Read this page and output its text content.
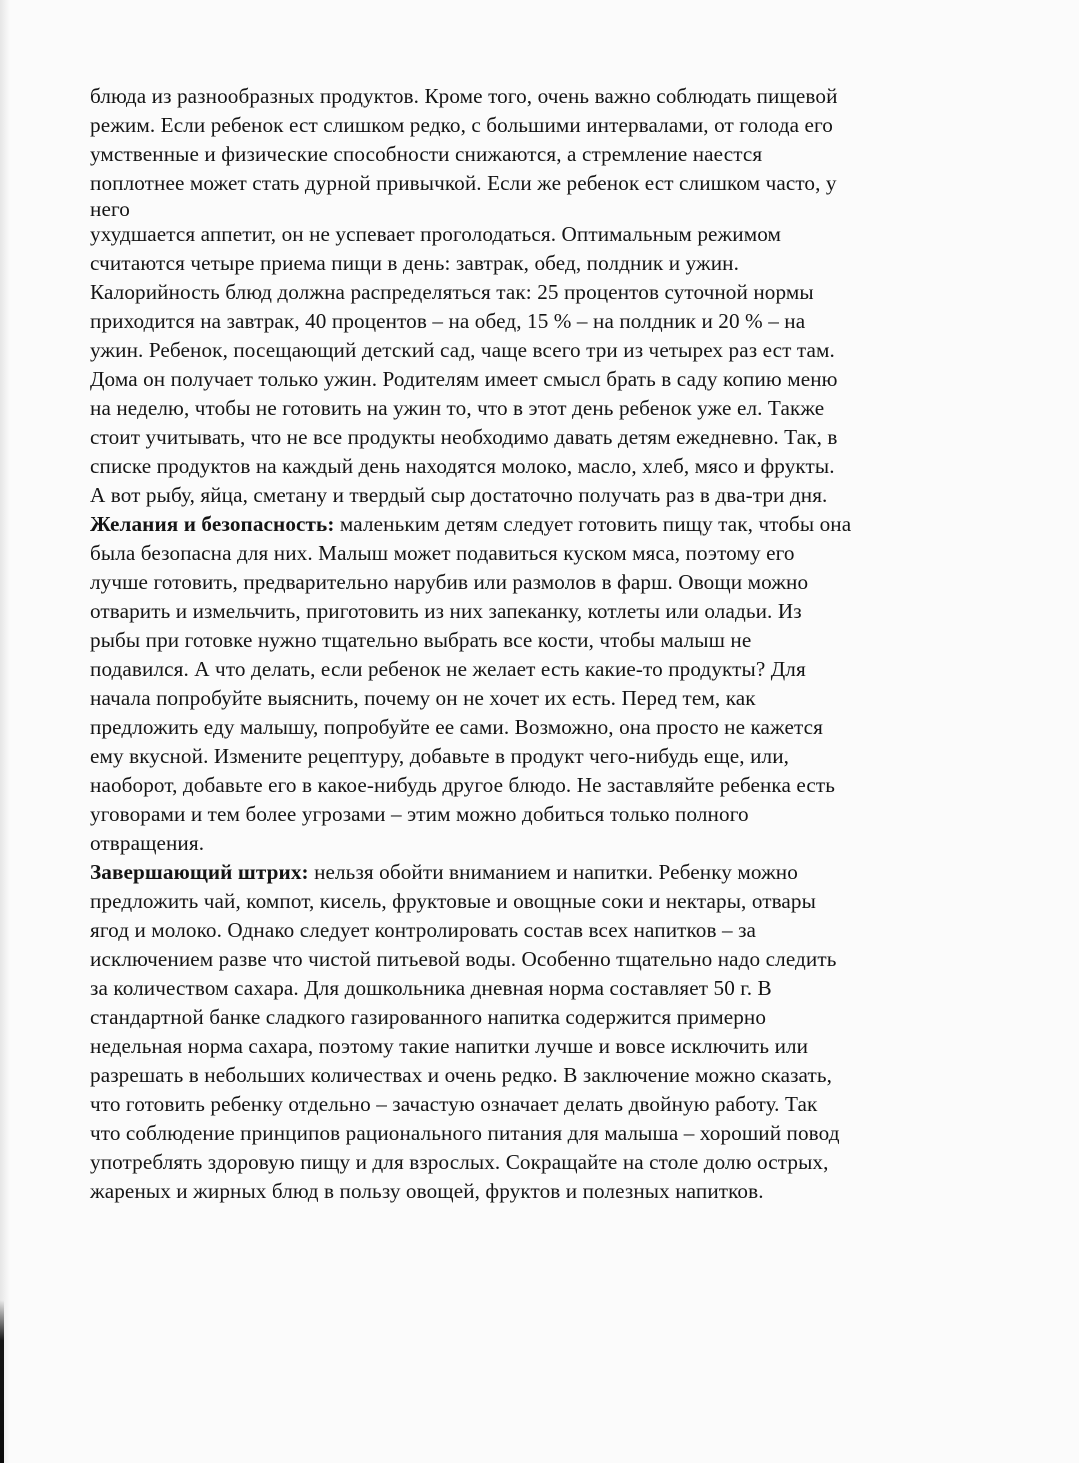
блюда из разнообразных продуктов. Кроме того, очень важно соблюдать пищевой
режим. Если ребенок ест слишком редко, с большими интервалами, от голода его
умственные и физические способности снижаются, а стремление наестся
поплотнее может стать дурной привычкой. Если же ребенок ест слишком часто, у
него
ухудшается аппетит, он не успевает проголодаться. Оптимальным режимом
считаются четыре приема пищи в день: завтрак, обед, полдник и ужин.
Калорийность блюд должна распределяться так: 25 процентов суточной нормы
приходится на завтрак, 40 процентов – на обед, 15 % – на полдник и 20 % – на
ужин. Ребенок, посещающий детский сад, чаще всего три из четырех раз ест там.
Дома он получает только ужин. Родителям имеет смысл брать в саду копию меню
на неделю, чтобы не готовить на ужин то, что в этот день ребенок уже ел. Также
стоит учитывать, что не все продукты необходимо давать детям ежедневно. Так, в
списке продуктов на каждый день находятся молоко, масло, хлеб, мясо и фрукты.
А вот рыбу, яйца, сметану и твердый сыр достаточно получать раз в два-три дня.
Желания и безопасность: маленьким детям следует готовить пищу так, чтобы она
была безопасна для них. Малыш может подавиться куском мяса, поэтому его
лучше готовить, предварительно нарубив или размолов в фарш. Овощи можно
отварить и измельчить, приготовить из них запеканку, котлеты или оладьи. Из
рыбы при готовке нужно тщательно выбрать все кости, чтобы малыш не
подавился. А что делать, если ребенок не желает есть какие-то продукты? Для
начала попробуйте выяснить, почему он не хочет их есть. Перед тем, как
предложить еду малышу, попробуйте ее сами. Возможно, она просто не кажется
ему вкусной. Измените рецептуру, добавьте в продукт чего-нибудь еще, или,
наоборот, добавьте его в какое-нибудь другое блюдо. Не заставляйте ребенка есть
уговорами и тем более угрозами – этим можно добиться только полного
отвращения.
Завершающий штрих: нельзя обойти вниманием и напитки. Ребенку можно
предложить чай, компот, кисель, фруктовые и овощные соки и нектары, отвары
ягод и молоко. Однако следует контролировать состав всех напитков – за
исключением разве что чистой питьевой воды. Особенно тщательно надо следить
за количеством сахара. Для дошкольника дневная норма составляет 50 г. В
стандартной банке сладкого газированного напитка содержится примерно
недельная норма сахара, поэтому такие напитки лучше и вовсе исключить или
разрешать в небольших количествах и очень редко. В заключение можно сказать,
что готовить ребенку отдельно – зачастую означает делать двойную работу. Так
что соблюдение принципов рационального питания для малыша – хороший повод
употреблять здоровую пищу и для взрослых. Сокращайте на столе долю острых,
жареных и жирных блюд в пользу овощей, фруктов и полезных напитков.
